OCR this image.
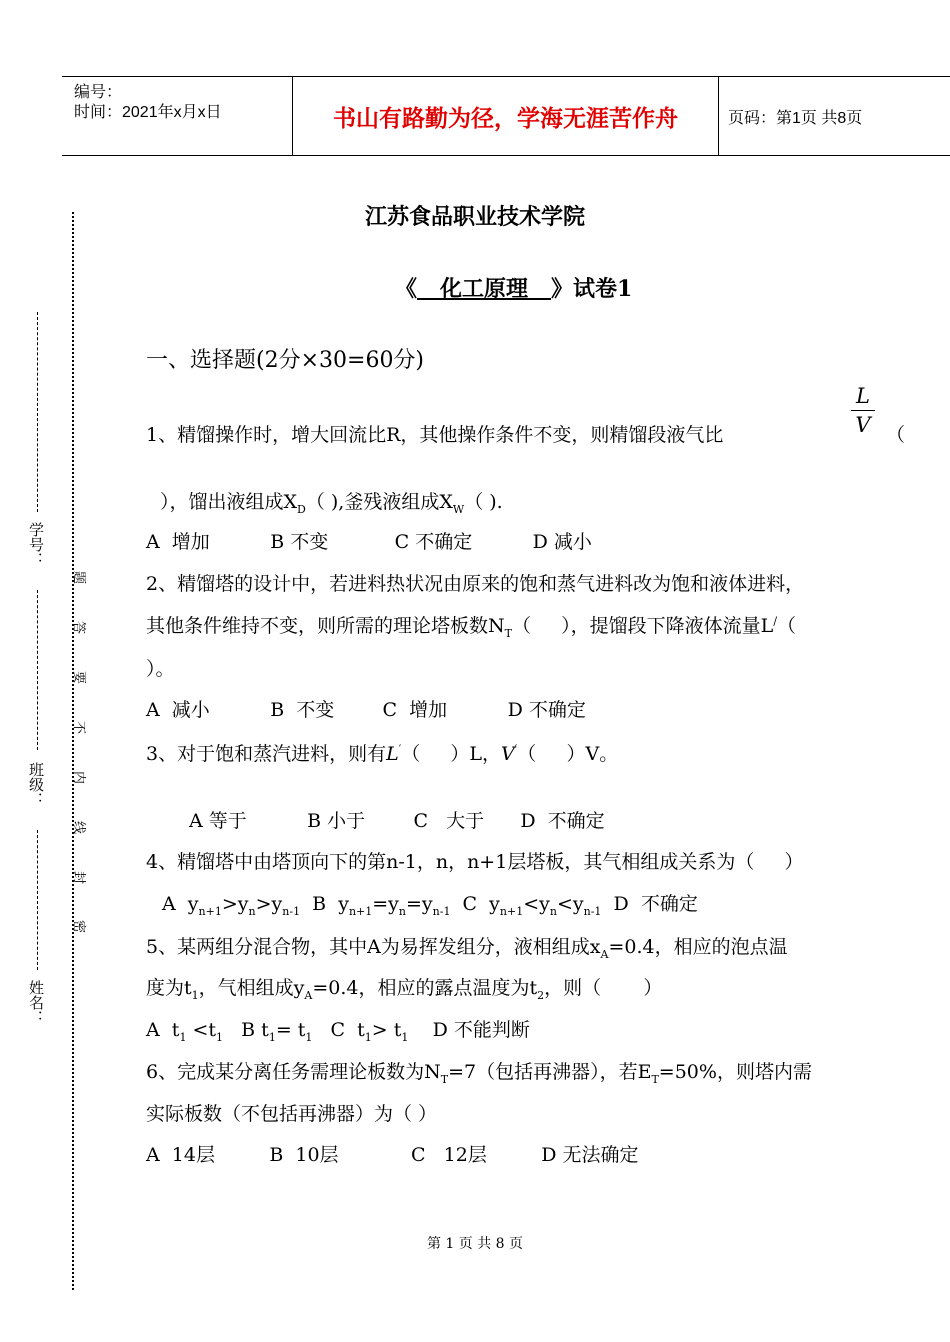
编号：
时间：2021年x月x日	书山有路勤为径，学海无涯苦作舟	页码：第1页 共8页
学号：
班级：
姓名：
密
封
线
内
不
要
答
题
江苏食品职业技术学院
《   化工原理   》试卷1
一、选择题(2分×30=60分)
1、精馏操作时，增大回流比R，其他操作条件不变，则精馏段液气比
L
V （
），馏出液组成$X_D$（ ),釜残液组成$X_W$（ ).
A  增加          B 不变           C 不确定          D 减小
2、精馏塔的设计中，若进料热状况由原来的饱和蒸气进料改为饱和液体进料，
其他条件维持不变，则所需的理论塔板数$N_T$（     ），提馏段下降液体流量L/（
）。
A  减小          B  不变        C  增加          D 不确定
3、对于饱和蒸汽进料，则有L′（     ）L，V′（     ）V。
A 等于          B 小于        C   大于      D  不确定
4、精馏塔中由塔顶向下的第n-1，n，n+1层塔板，其气相组成关系为（     ）
A  $y_{n+1}>y_n>y_{n-1}$  B  $y_{n+1}=y_n=y_{n-1}$  C  $y_{n+1}<y_n<y_{n-1}$  D  不确定
5、某两组分混合物，其中A为易挥发组分，液相组成$x_A=0.4$，相应的泡点温
度为$t_1$，气相组成$y_A=0.4$，相应的露点温度为$t_2$，则（       ）
A  $t_1 <t_1$   B $t_1= t_1$   C  $t_1> t_1$    D 不能判断
6、完成某分离任务需理论板数为$N_T=7$（包括再沸器），若$E_T=50\%$，则塔内需
实际板数（不包括再沸器）为（ ）
A  14层         B  10层            C   12层         D 无法确定
第 1 页 共 8 页
